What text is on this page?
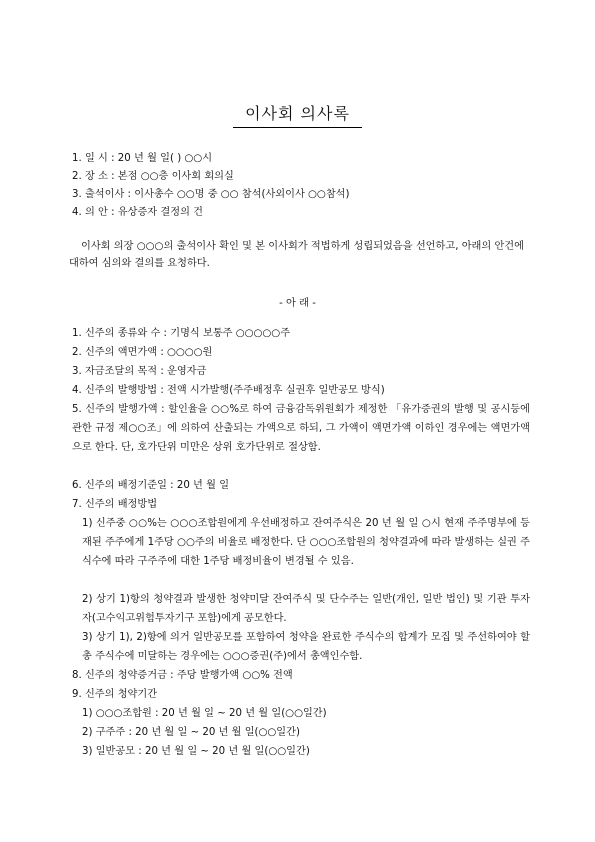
이사회 의사록
1. 일 시 : 20 년 월 일( ) ○○시
2. 장 소 : 본점 ○○층 이사회 회의실
3. 출석이사 : 이사총수 ○○명 중 ○○ 참석(사외이사 ○○참석)
4. 의 안 : 유상증자 결정의 건
이사회 의장 ○○○의 출석이사 확인 및 본 이사회가 적법하게 성립되었음을 선언하고, 아래의 안건에 대하여 심의와 결의를 요청하다.
- 아 래 -
1. 신주의 종류와 수 : 기명식 보통주 ○○○○○주
2. 신주의 액면가액 : ○○○○원
3. 자금조달의 목적 : 운영자금
4. 신주의 발행방법 : 전액 시가발행(주주배정후 실권후 일반공모 방식)
5. 신주의 발행가액 : 할인율을 ○○%로 하여 금융감독위원회가 제정한 「유가증권의 발행 및 공시등에 관한 규정 제○○조」에 의하여 산출되는 가액으로 하되, 그 가액이 액면가액 이하인 경우에는 액면가액으로 한다. 단, 호가단위 미만은 상위 호가단위로 절상함.
6. 신주의 배정기준일 : 20 년 월 일
7. 신주의 배정방법
1) 신주중 ○○%는 ○○○조합원에게 우선배정하고 잔여주식은 20 년 월 일 ○시 현재 주주명부에 등재된 주주에게 1주당 ○○주의 비율로 배정한다. 단 ○○○조합원의 청약결과에 따라 발생하는 실권 주식수에 따라 구주주에 대한 1주당 배정비율이 변경될 수 있음.
2) 상기 1)항의 청약결과 발생한 청약미달 잔여주식 및 단수주는 일반(개인, 일반 법인) 및 기관 투자자(고수익고위험투자기구 포함)에게 공모한다.
3) 상기 1), 2)항에 의거 일반공모를 포함하여 청약을 완료한 주식수의 합계가 모집 및 주선하여야 할 총 주식수에 미달하는 경우에는 ○○○증권(주)에서 총액인수함.
8. 신주의 청약증거금 : 주당 발행가액 ○○% 전액
9. 신주의 청약기간
1) ○○○조합원 : 20 년 월 일 ~ 20 년 월 일(○○일간)
2) 구주주 : 20 년 월 일 ~ 20 년 월 일(○○일간)
3) 일반공모 : 20 년 월 일 ~ 20 년 월 일(○○일간)
